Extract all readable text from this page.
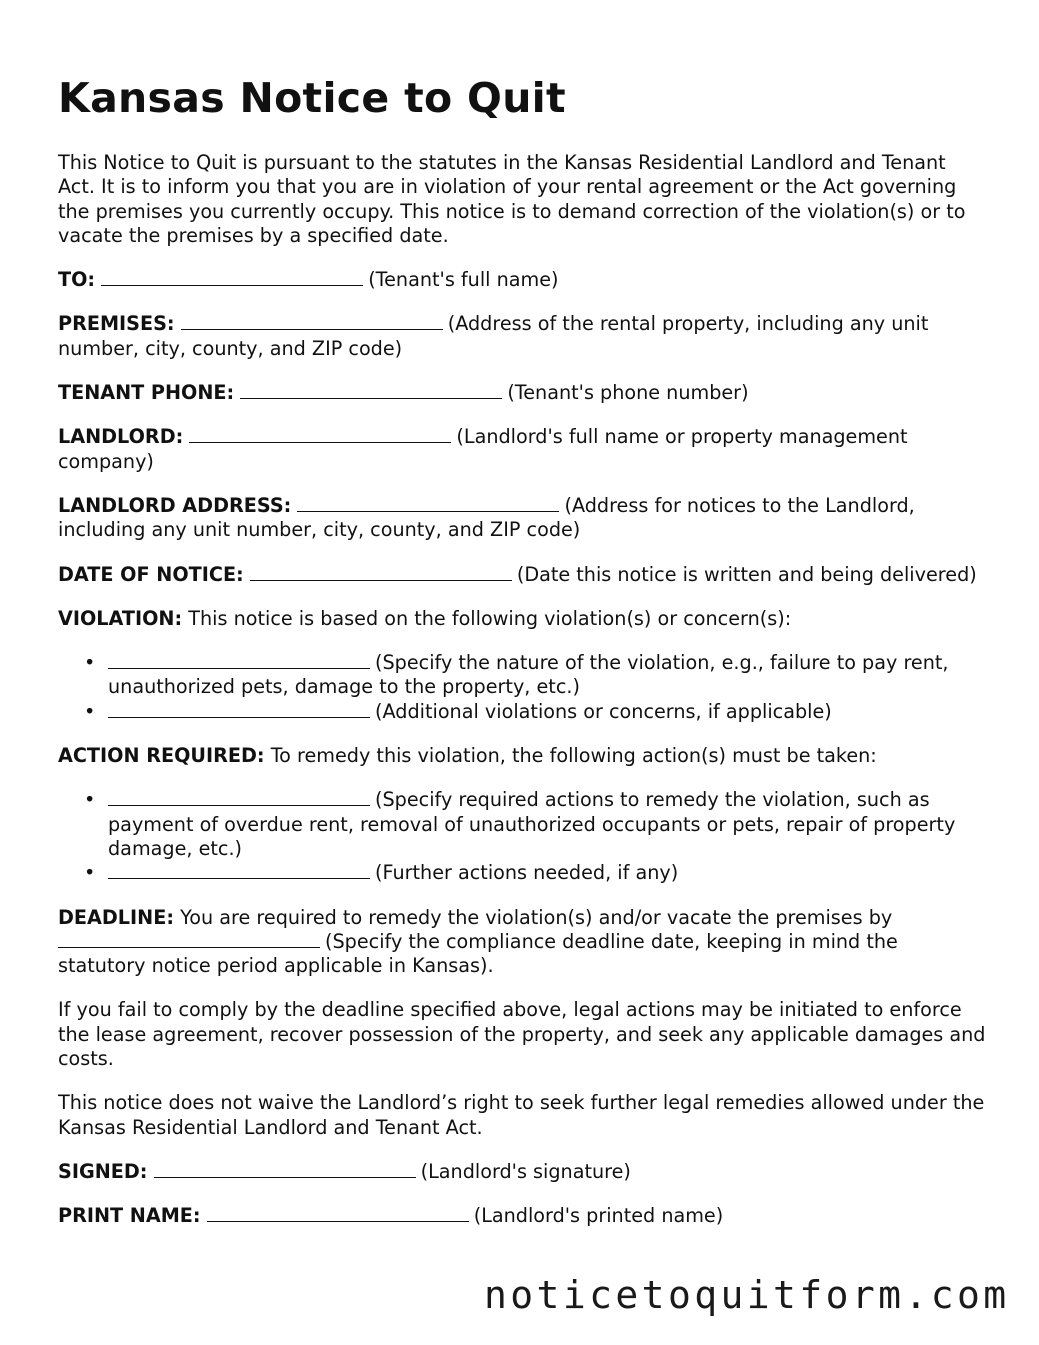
Kansas Notice to Quit

This Notice to Quit is pursuant to the statutes in the Kansas Residential Landlord and Tenant Act. It is to inform you that you are in violation of your rental agreement or the Act governing the premises you currently occupy. This notice is to demand correction of the violation(s) or to vacate the premises by a specified date.

TO:	(Tenant's full name)

PREMISES:	(Address of the rental property, including any unit number, city, county, and ZIP code)

TENANT PHONE:	(Tenant's phone number)

LANDLORD:	(Landlord's full name or property management company)

LANDLORD ADDRESS:	(Address for notices to the Landlord, including any unit number, city, county, and ZIP code)

DATE OF NOTICE:	(Date this notice is written and being delivered)

VIOLATION: This notice is based on the following violation(s) or concern(s):

• (Specify the nature of the violation, e.g., failure to pay rent, unauthorized pets, damage to the property, etc.)
• (Additional violations or concerns, if applicable)

ACTION REQUIRED: To remedy this violation, the following action(s) must be taken:

• (Specify required actions to remedy the violation, such as payment of overdue rent, removal of unauthorized occupants or pets, repair of property damage, etc.)
• (Further actions needed, if any)

DEADLINE: You are required to remedy the violation(s) and/or vacate the premises by (Specify the compliance deadline date, keeping in mind the statutory notice period applicable in Kansas).

If you fail to comply by the deadline specified above, legal actions may be initiated to enforce the lease agreement, recover possession of the property, and seek any applicable damages and costs.

This notice does not waive the Landlord’s right to seek further legal remedies allowed under the Kansas Residential Landlord and Tenant Act.

SIGNED:	(Landlord's signature)

PRINT NAME:	(Landlord's printed name)

noticetoquitform.com
